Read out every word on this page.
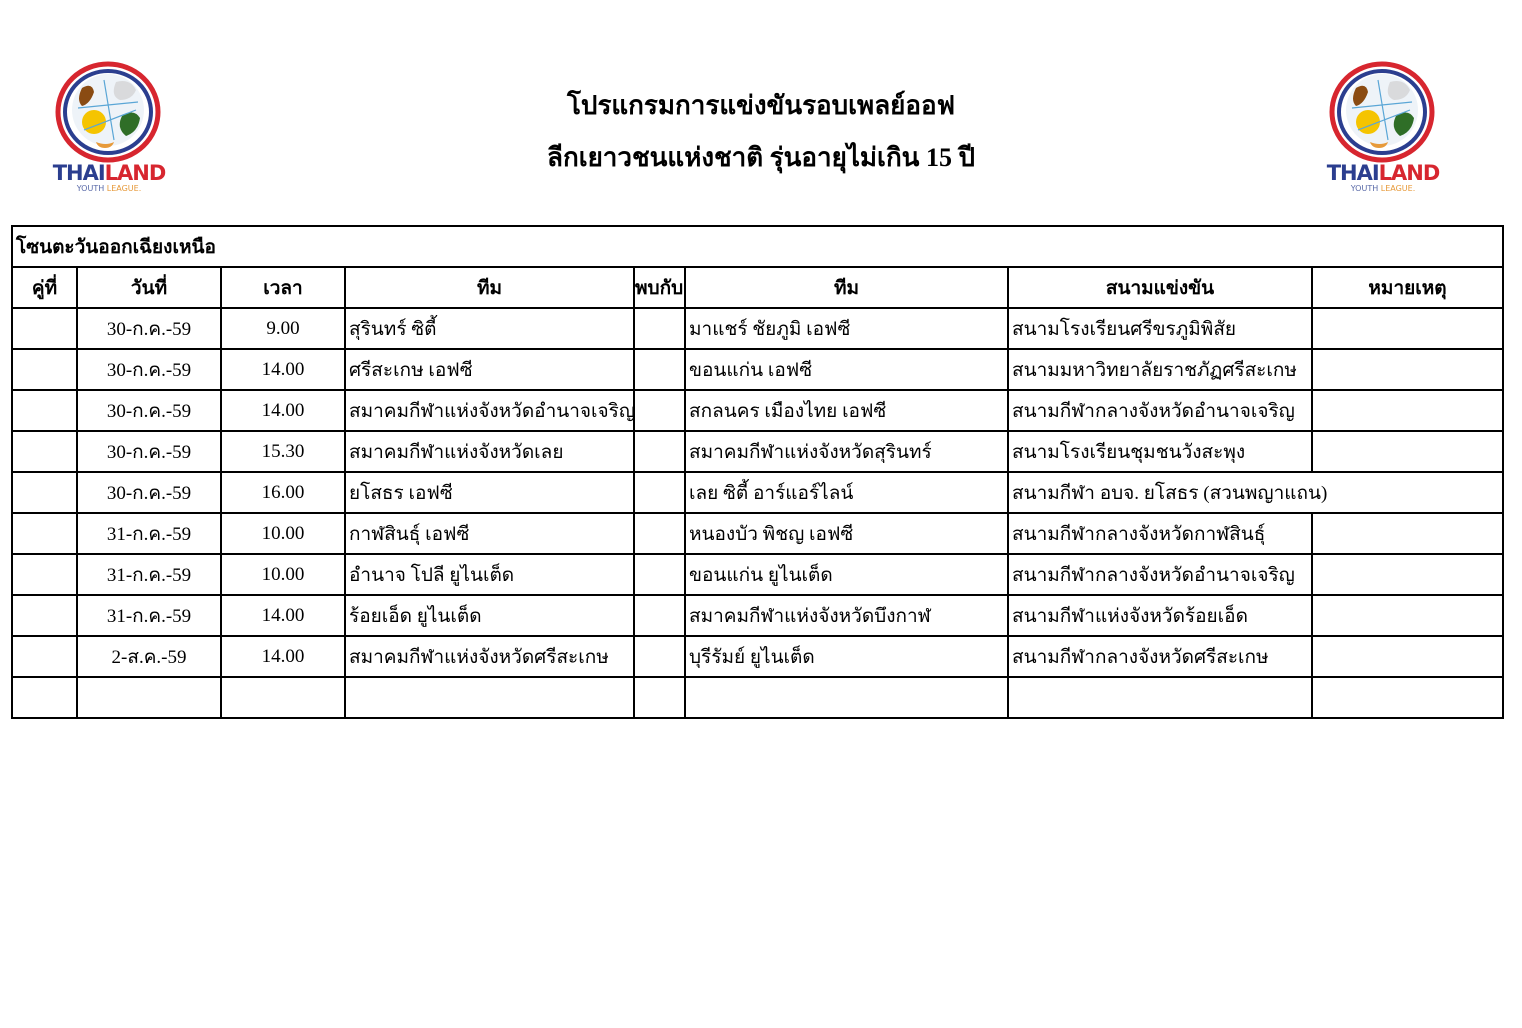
THAILAND
YOUTH LEAGUE.
THAILAND
YOUTH LEAGUE.
โปรแกรมการแข่งขันรอบเพลย์ออฟ
ลีกเยาวชนแห่งชาติ รุ่นอายุไม่เกิน 15 ปี
โซนตะวันออกเฉียงเหนือ							
คู่ที่	วันที่	เวลา	ทีม	พบกับ	ทีม	สนามแข่งขัน	หมายเหตุ
	30-ก.ค.-59	9.00	สุรินทร์ ซิตี้		มาแชร์ ชัยภูมิ เอฟซี	สนามโรงเรียนศรีขรภูมิพิสัย	
	30-ก.ค.-59	14.00	ศรีสะเกษ เอฟซี		ขอนแก่น เอฟซี	สนามมหาวิทยาลัยราชภัฏศรีสะเกษ	
	30-ก.ค.-59	14.00	สมาคมกีฬาแห่งจังหวัดอำนาจเจริญ		สกลนคร เมืองไทย เอฟซี	สนามกีฬากลางจังหวัดอำนาจเจริญ	
	30-ก.ค.-59	15.30	สมาคมกีฬาแห่งจังหวัดเลย		สมาคมกีฬาแห่งจังหวัดสุรินทร์	สนามโรงเรียนชุมชนวังสะพุง	
	30-ก.ค.-59	16.00	ยโสธร เอฟซี		เลย ซิตี้ อาร์แอร์ไลน์	สนามกีฬา อบจ. ยโสธร (สวนพญาแถน)	
	31-ก.ค.-59	10.00	กาฬสินธุ์ เอฟซี		หนองบัว พิชญ เอฟซี	สนามกีฬากลางจังหวัดกาฬสินธุ์	
	31-ก.ค.-59	10.00	อำนาจ โปลี ยูไนเต็ด		ขอนแก่น ยูไนเต็ด	สนามกีฬากลางจังหวัดอำนาจเจริญ	
	31-ก.ค.-59	14.00	ร้อยเอ็ด ยูไนเต็ด		สมาคมกีฬาแห่งจังหวัดบึงกาฬ	สนามกีฬาแห่งจังหวัดร้อยเอ็ด	
	2-ส.ค.-59	14.00	สมาคมกีฬาแห่งจังหวัดศรีสะเกษ		บุรีรัมย์ ยูไนเต็ด	สนามกีฬากลางจังหวัดศรีสะเกษ	
